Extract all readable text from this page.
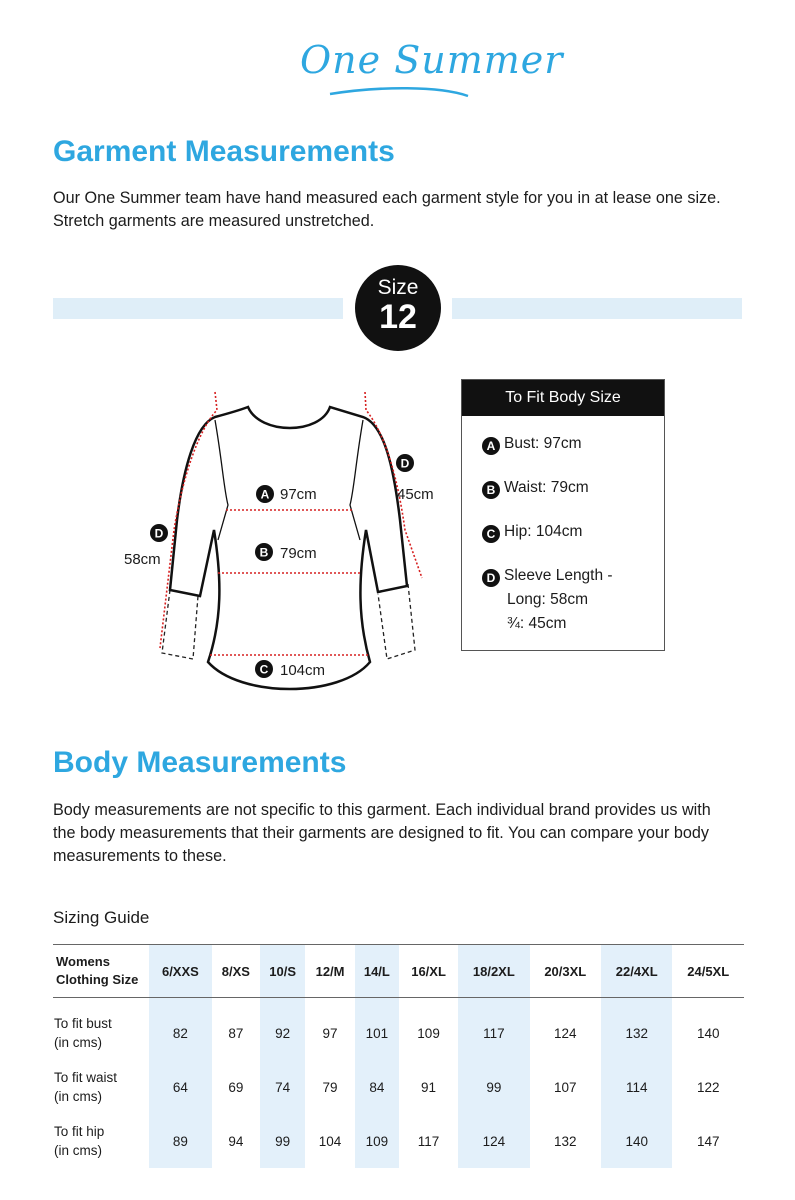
One Summer
Garment Measurements
Our One Summer team have hand measured each garment style for you in at lease one size.
Stretch garments are measured unstretched.
Size
12
A 97cm
B 79cm
C 104cm
D
58cm
D
45cm
To Fit Body Size
A Bust: 97cm
B Waist: 79cm
C Hip: 104cm
D Sleeve Length -
Long: 58cm
¾: 45cm
Body Measurements
Body measurements are not specific to this garment. Each individual brand provides us with
the body measurements that their garments are designed to fit. You can compare your body
measurements to these.
Sizing Guide
Womens
Clothing Size	6/XXS	8/XS	10/S	12/M	14/L	16/XL	18/2XL	20/3XL	22/4XL	24/5XL
To fit bust
(in cms)	82	87	92	97	101	109	117	124	132	140
To fit waist
(in cms)	64	69	74	79	84	91	99	107	114	122
To fit hip
(in cms)	89	94	99	104	109	117	124	132	140	147
